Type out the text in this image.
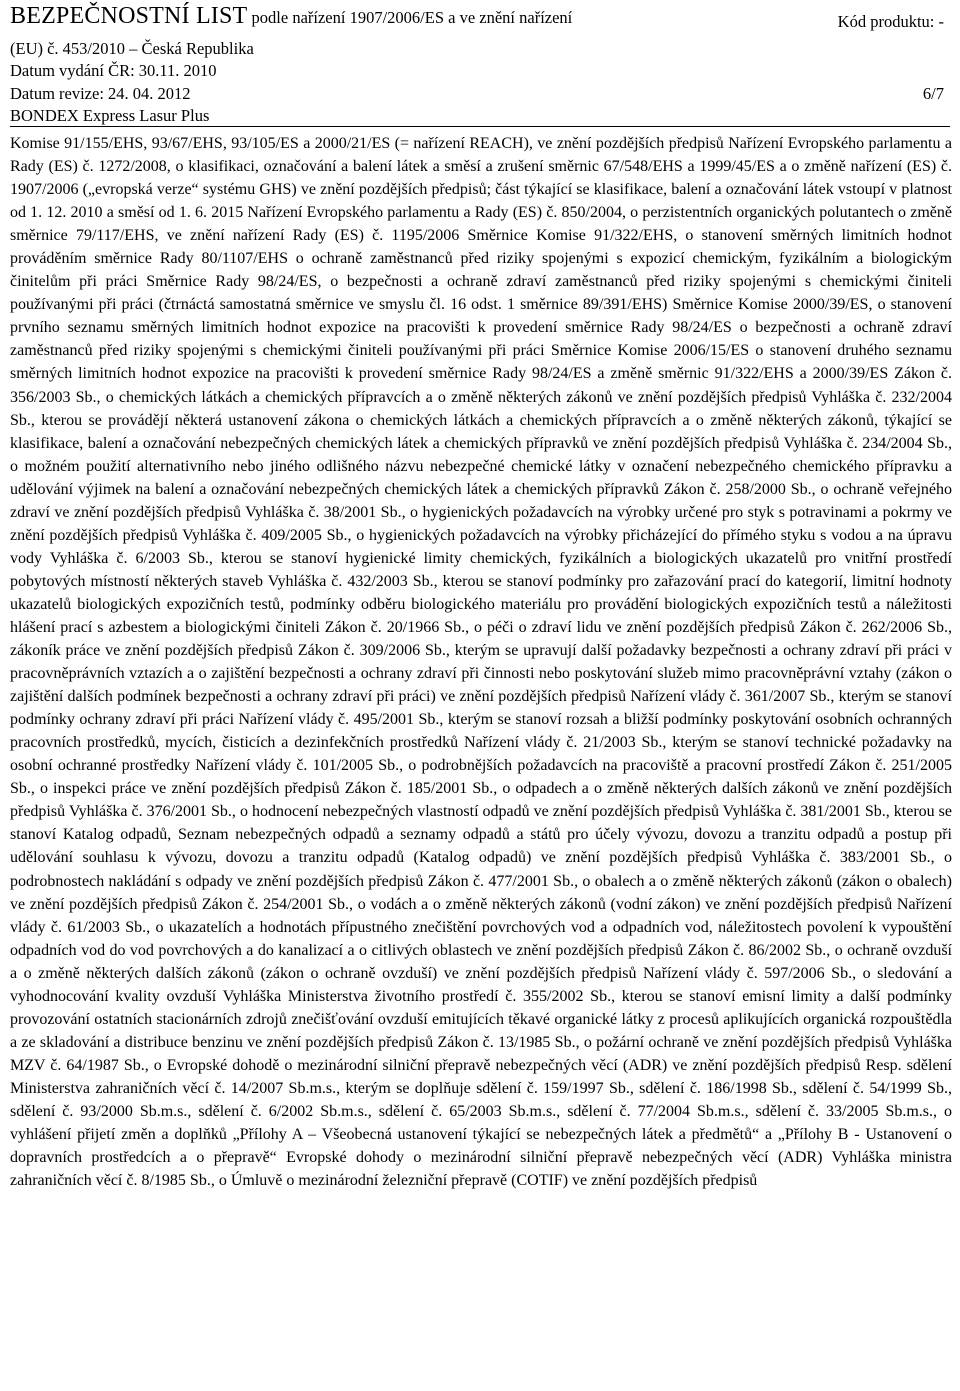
BEZPEČNOSTNÍ LIST podle nařízení 1907/2006/ES a ve znění nařízení	Kód produktu: -
(EU) č. 453/2010 – Česká Republika
Datum vydání ČR: 30.11. 2010
Datum revize: 24. 04. 2012	6/7
BONDEX Express Lasur Plus
Komise 91/155/EHS, 93/67/EHS, 93/105/ES a 2000/21/ES (= nařízení REACH), ve znění pozdějších předpisů Nařízení Evropského parlamentu a Rady (ES) č. 1272/2008, o klasifikaci, označování a balení látek a směsí a zrušení směrnic 67/548/EHS a 1999/45/ES a o změně nařízení (ES) č. 1907/2006 („evropská verze“ systému GHS) ve znění pozdějších předpisů; část týkající se klasifikace, balení a označování látek vstoupí v platnost od 1. 12. 2010 a směsí od 1. 6. 2015 Nařízení Evropského parlamentu a Rady (ES) č. 850/2004, o perzistentních organických polutantech o změně směrnice 79/117/EHS, ve znění nařízení Rady (ES) č. 1195/2006 Směrnice Komise 91/322/EHS, o stanovení směrných limitních hodnot prováděním směrnice Rady 80/1107/EHS o ochraně zaměstnanců před riziky spojenými s expozicí chemickým, fyzikálním a biologickým činitelům při práci Směrnice Rady 98/24/ES, o bezpečnosti a ochraně zdraví zaměstnanců před riziky spojenými s chemickými činiteli používanými při práci (čtrnáctá samostatná směrnice ve smyslu čl. 16 odst. 1 směrnice 89/391/EHS) Směrnice Komise 2000/39/ES, o stanovení prvního seznamu směrných limitních hodnot expozice na pracovišti k provedení směrnice Rady 98/24/ES o bezpečnosti a ochraně zdraví zaměstnanců před riziky spojenými s chemickými činiteli používanými při práci Směrnice Komise 2006/15/ES o stanovení druhého seznamu směrných limitních hodnot expozice na pracovišti k provedení směrnice Rady 98/24/ES a změně směrnic 91/322/EHS a 2000/39/ES Zákon č. 356/2003 Sb., o chemických látkách a chemických přípravcích a o změně některých zákonů ve znění pozdějších předpisů Vyhláška č. 232/2004 Sb., kterou se provádějí některá ustanovení zákona o chemických látkách a chemických přípravcích a o změně některých zákonů, týkající se klasifikace, balení a označování nebezpečných chemických látek a chemických přípravků ve znění pozdějších předpisů Vyhláška č. 234/2004 Sb., o možném použití alternativního nebo jiného odlišného názvu nebezpečné chemické látky v označení nebezpečného chemického přípravku a udělování výjimek na balení a označování nebezpečných chemických látek a chemických přípravků Zákon č. 258/2000 Sb., o ochraně veřejného zdraví ve znění pozdějších předpisů Vyhláška č. 38/2001 Sb., o hygienických požadavcích na výrobky určené pro styk s potravinami a pokrmy ve znění pozdějších předpisů Vyhláška č. 409/2005 Sb., o hygienických požadavcích na výrobky přicházející do přímého styku s vodou a na úpravu vody Vyhláška č. 6/2003 Sb., kterou se stanoví hygienické limity chemických, fyzikálních a biologických ukazatelů pro vnitřní prostředí pobytových místností některých staveb Vyhláška č. 432/2003 Sb., kterou se stanoví podmínky pro zařazování prací do kategorií, limitní hodnoty ukazatelů biologických expozičních testů, podmínky odběru biologického materiálu pro provádění biologických expozičních testů a náležitosti hlášení prací s azbestem a biologickými činiteli Zákon č. 20/1966 Sb., o péči o zdraví lidu ve znění pozdějších předpisů Zákon č. 262/2006 Sb., zákoník práce ve znění pozdějších předpisů Zákon č. 309/2006 Sb., kterým se upravují další požadavky bezpečnosti a ochrany zdraví při práci v pracovněprávních vztazích a o zajištění bezpečnosti a ochrany zdraví při činnosti nebo poskytování služeb mimo pracovněprávní vztahy (zákon o zajištění dalších podmínek bezpečnosti a ochrany zdraví při práci) ve znění pozdějších předpisů Nařízení vlády č. 361/2007 Sb., kterým se stanoví podmínky ochrany zdraví při práci Nařízení vlády č. 495/2001 Sb., kterým se stanoví rozsah a bližší podmínky poskytování osobních ochranných pracovních prostředků, mycích, čisticích a dezinfekčních prostředků Nařízení vlády č. 21/2003 Sb., kterým se stanoví technické požadavky na osobní ochranné prostředky Nařízení vlády č. 101/2005 Sb., o podrobnějších požadavcích na pracoviště a pracovní prostředí Zákon č. 251/2005 Sb., o inspekci práce ve znění pozdějších předpisů Zákon č. 185/2001 Sb., o odpadech a o změně některých dalších zákonů ve znění pozdějších předpisů Vyhláška č. 376/2001 Sb., o hodnocení nebezpečných vlastností odpadů ve znění pozdějších předpisů Vyhláška č. 381/2001 Sb., kterou se stanoví Katalog odpadů, Seznam nebezpečných odpadů a seznamy odpadů a států pro účely vývozu, dovozu a tranzitu odpadů a postup při udělování souhlasu k vývozu, dovozu a tranzitu odpadů (Katalog odpadů) ve znění pozdějších předpisů Vyhláška č. 383/2001 Sb., o podrobnostech nakládání s odpady ve znění pozdějších předpisů Zákon č. 477/2001 Sb., o obalech a o změně některých zákonů (zákon o obalech) ve znění pozdějších předpisů Zákon č. 254/2001 Sb., o vodách a o změně některých zákonů (vodní zákon) ve znění pozdějších předpisů Nařízení vlády č. 61/2003 Sb., o ukazatelích a hodnotách přípustného znečištění povrchových vod a odpadních vod, náležitostech povolení k vypouštění odpadních vod do vod povrchových a do kanalizací a o citlivých oblastech ve znění pozdějších předpisů Zákon č. 86/2002 Sb., o ochraně ovzduší a o změně některých dalších zákonů (zákon o ochraně ovzduší) ve znění pozdějších předpisů Nařízení vlády č. 597/2006 Sb., o sledování a vyhodnocování kvality ovzduší Vyhláška Ministerstva životního prostředí č. 355/2002 Sb., kterou se stanoví emisní limity a další podmínky provozování ostatních stacionárních zdrojů znečišťování ovzduší emitujících těkavé organické látky z procesů aplikujících organická rozpouštědla a ze skladování a distribuce benzinu ve znění pozdějších předpisů Zákon č. 13/1985 Sb., o požární ochraně ve znění pozdějších předpisů Vyhláška MZV č. 64/1987 Sb., o Evropské dohodě o mezinárodní silniční přepravě nebezpečných věcí (ADR) ve znění pozdějších předpisů Resp. sdělení Ministerstva zahraničních věcí č. 14/2007 Sb.m.s., kterým se doplňuje sdělení č. 159/1997 Sb., sdělení č. 186/1998 Sb., sdělení č. 54/1999 Sb., sdělení č. 93/2000 Sb.m.s., sdělení č. 6/2002 Sb.m.s., sdělení č. 65/2003 Sb.m.s., sdělení č. 77/2004 Sb.m.s., sdělení č. 33/2005 Sb.m.s., o vyhlášení přijetí změn a doplňků „Přílohy A – Všeobecná ustanovení týkající se nebezpečných látek a předmětů“ a „Přílohy B - Ustanovení o dopravních prostředcích a o přepravě“ Evropské dohody o mezinárodní silniční přepravě nebezpečných věcí (ADR) Vyhláška ministra zahraničních věcí č. 8/1985 Sb., o Úmluvě o mezinárodní železniční přepravě (COTIF) ve znění pozdějších předpisů
